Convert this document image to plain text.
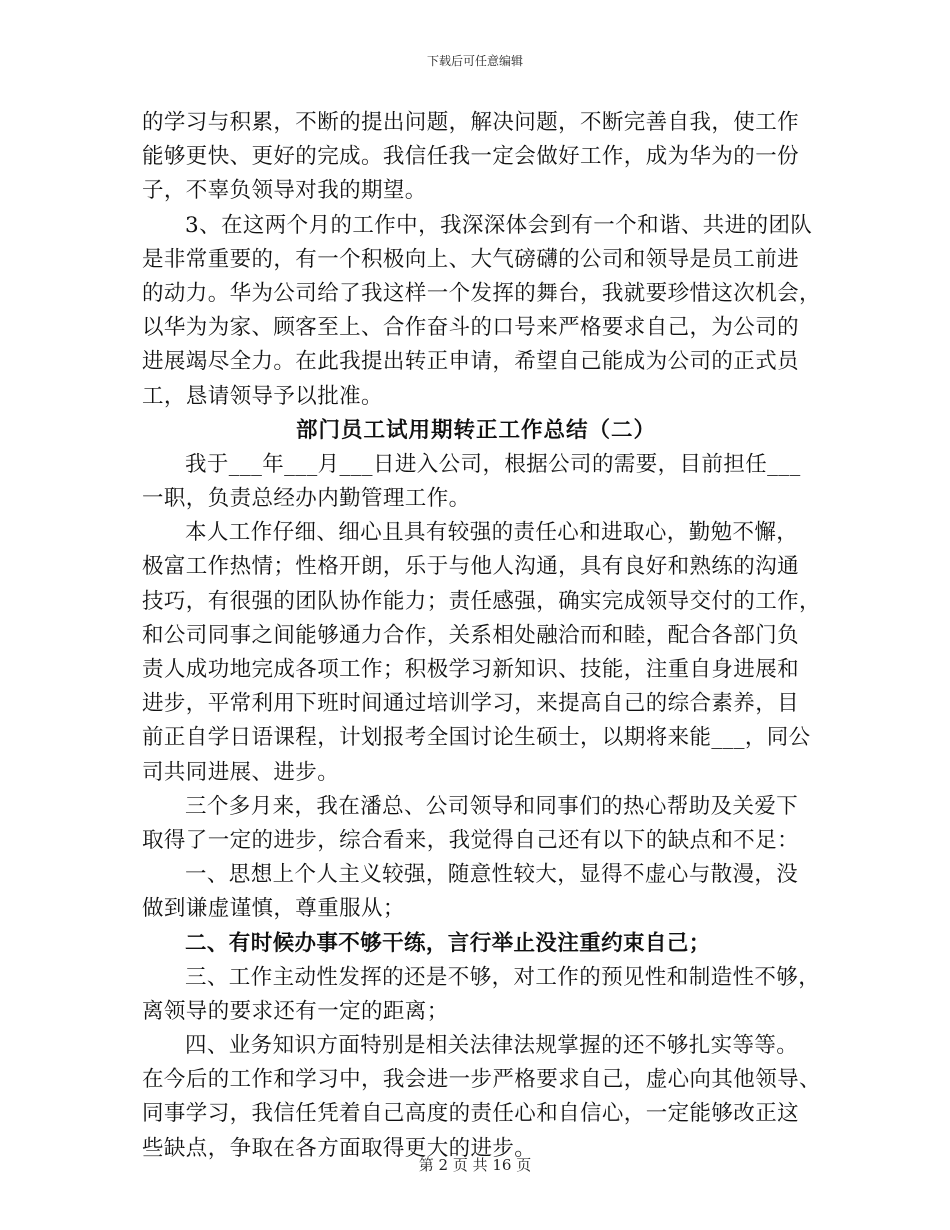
下载后可任意编辑
的学习与积累，不断的提出问题，解决问题，不断完善自我，使工作
能够更快、更好的完成。我信任我一定会做好工作，成为华为的一份
子，不辜负领导对我的期望。
3、在这两个月的工作中，我深深体会到有一个和谐、共进的团队
是非常重要的，有一个积极向上、大气磅礴的公司和领导是员工前进
的动力。华为公司给了我这样一个发挥的舞台，我就要珍惜这次机会，
以华为为家、顾客至上、合作奋斗的口号来严格要求自己，为公司的
进展竭尽全力。在此我提出转正申请，希望自己能成为公司的正式员
工，恳请领导予以批准。
部门员工试用期转正工作总结（二）
我于___年___月___日进入公司，根据公司的需要，目前担任___
一职，负责总经办内勤管理工作。
本人工作仔细、细心且具有较强的责任心和进取心，勤勉不懈，
极富工作热情；性格开朗，乐于与他人沟通，具有良好和熟练的沟通
技巧，有很强的团队协作能力；责任感强，确实完成领导交付的工作，
和公司同事之间能够通力合作，关系相处融洽而和睦，配合各部门负
责人成功地完成各项工作；积极学习新知识、技能，注重自身进展和
进步，平常利用下班时间通过培训学习，来提高自己的综合素养，目
前正自学日语课程，计划报考全国讨论生硕士，以期将来能___，同公
司共同进展、进步。
三个多月来，我在潘总、公司领导和同事们的热心帮助及关爱下
取得了一定的进步，综合看来，我觉得自己还有以下的缺点和不足：
一、思想上个人主义较强，随意性较大，显得不虚心与散漫，没
做到谦虚谨慎，尊重服从；
二、有时候办事不够干练，言行举止没注重约束自己；
三、工作主动性发挥的还是不够，对工作的预见性和制造性不够，
离领导的要求还有一定的距离；
四、业务知识方面特别是相关法律法规掌握的还不够扎实等等。
在今后的工作和学习中，我会进一步严格要求自己，虚心向其他领导、
同事学习，我信任凭着自己高度的责任心和自信心，一定能够改正这
些缺点，争取在各方面取得更大的进步。
第 2 页 共 16 页
